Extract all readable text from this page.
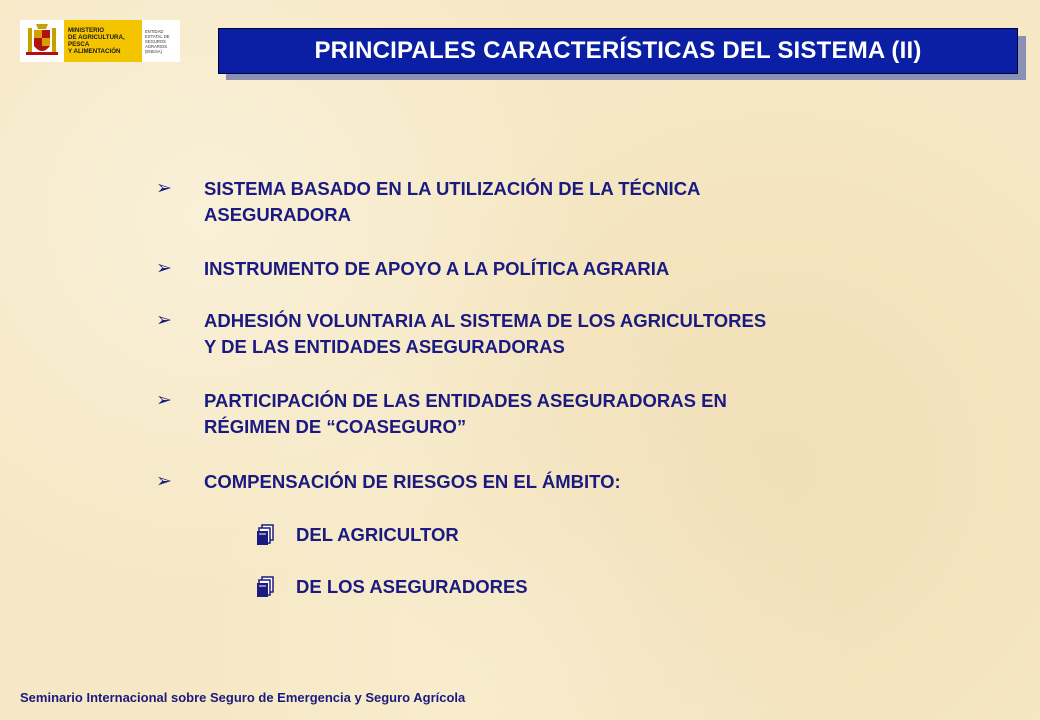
MINISTERIO
DE AGRICULTURA, PESCA
Y ALIMENTACIÓN
ENTIDAD ESTATAL DE
SEGUROS AGRARIOS
(ENESA)	PRINCIPALES CARACTERÍSTICAS DEL SISTEMA (II)
➢	SISTEMA BASADO EN LA UTILIZACIÓN DE LA TÉCNICA
ASEGURADORA
➢	INSTRUMENTO DE APOYO A LA POLÍTICA AGRARIA
➢	ADHESIÓN VOLUNTARIA AL SISTEMA DE LOS AGRICULTORES
Y DE LAS ENTIDADES ASEGURADORAS
➢	PARTICIPACIÓN DE LAS ENTIDADES ASEGURADORAS EN
RÉGIMEN DE “COASEGURO”
➢	COMPENSACIÓN DE RIESGOS EN EL ÁMBITO:
DEL AGRICULTOR
DE LOS ASEGURADORES
Seminario Internacional sobre Seguro de Emergencia y Seguro Agrícola
